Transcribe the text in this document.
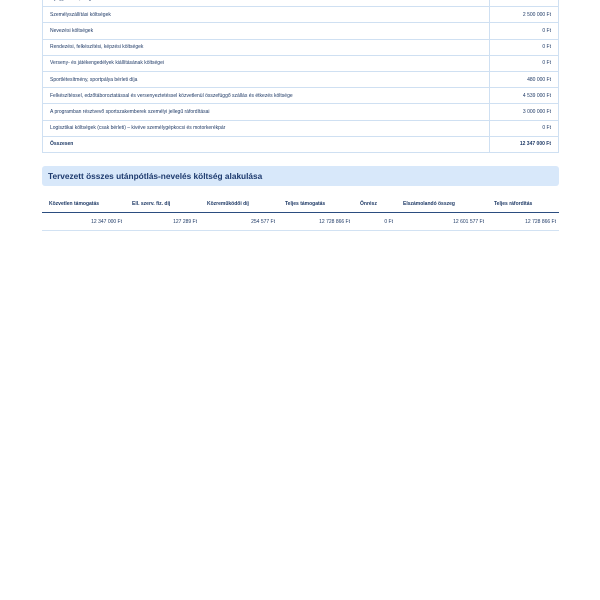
Személyszállítási költségek	2 500 000 Ft
Nevezési költségek	0 Ft
Rendezési, felkészítési, képzési költségek	0 Ft
Verseny- és játékengedélyek kiállításának költségei	0 Ft
Sportlétesítmény, sportpálya bérleti díja	480 000 Ft
Felkészítéssel, edzőtáboroztatással és versenyeztetéssel közvetlenül összefüggő szállás és étkezés költsége	4 539 000 Ft
A programban résztvevő sportszakemberek személyi jellegű ráfordításai	3 000 000 Ft
Logisztikai költségek (csak bérleti) – kivéve személygépkocsi és motorkerékpár	0 Ft
Összesen	12 347 000 Ft
Tervezett összes utánpótlás-nevelés költség alakulása
Közvetlen támogatás	Ell. szerv. fiz. díj	Közreműködői díj	Teljes támogatás	Önrész	Elszámolandó összeg	Teljes ráfordítás
12 347 000 Ft	127 289 Ft	254 577 Ft	12 728 866 Ft	0 Ft	12 601 577 Ft	12 728 866 Ft
